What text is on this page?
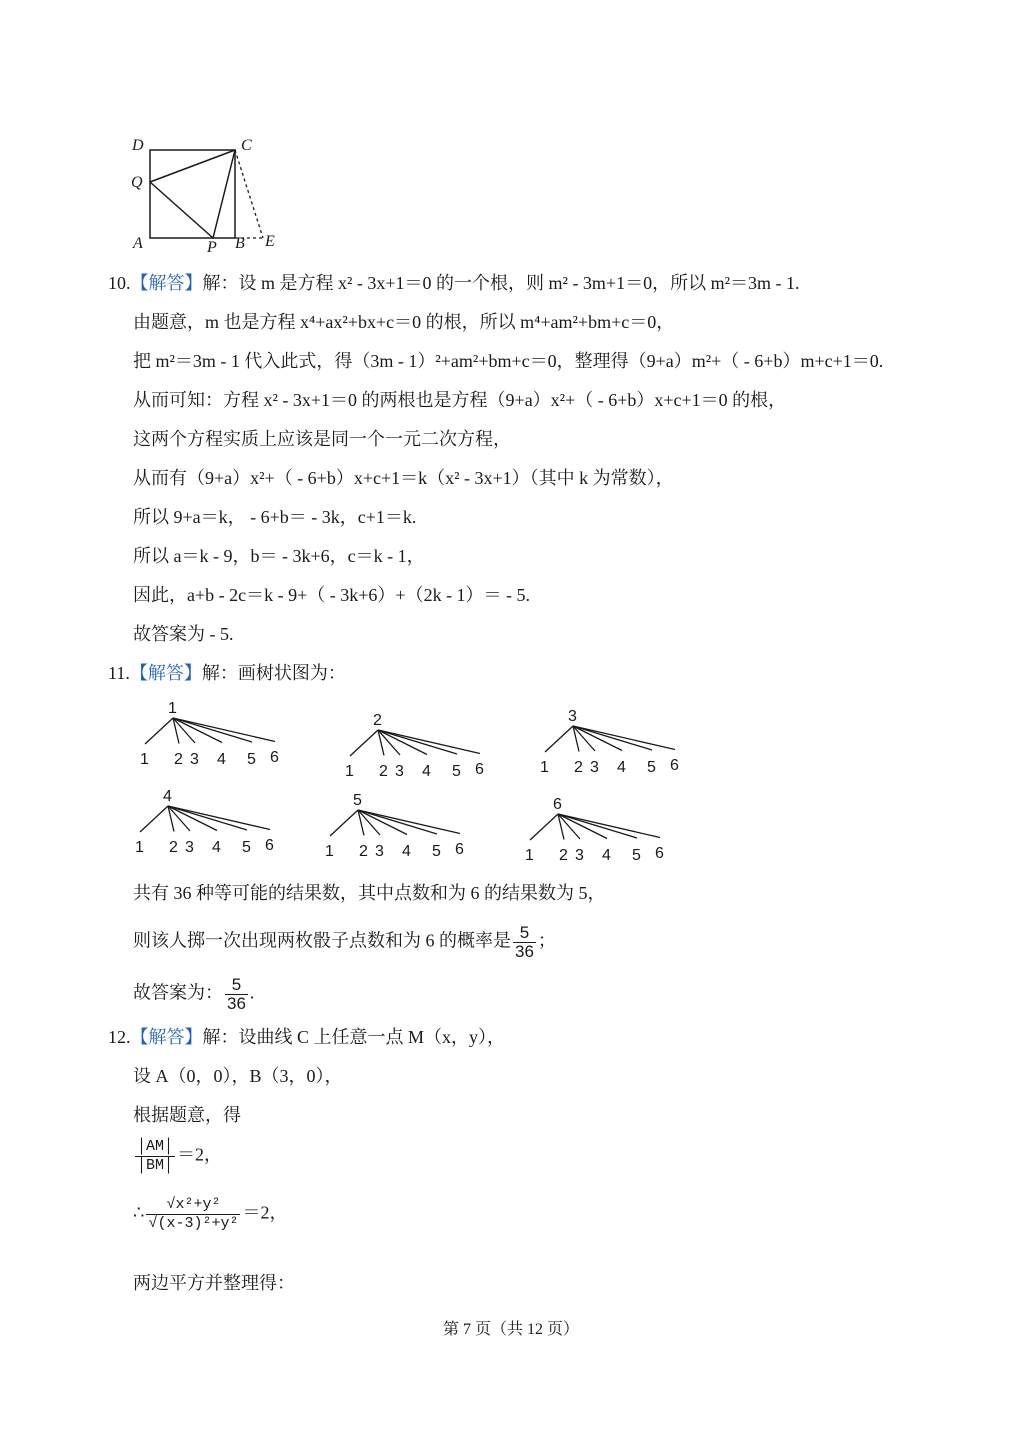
D	C
Q
A	P B E
10.【解答】解：设 m 是方程 x² - 3x+1＝0 的一个根，则 m² - 3m+1＝0，所以 m²＝3m - 1.
由题意，m 也是方程 x⁴+ax²+bx+c＝0 的根，所以 m⁴+am²+bm+c＝0，
把 m²＝3m - 1 代入此式，得（3m - 1）²+am²+bm+c＝0，整理得（9+a）m²+（ - 6+b）m+c+1＝0.
从而可知：方程 x² - 3x+1＝0 的两根也是方程（9+a）x²+（ - 6+b）x+c+1＝0 的根，
这两个方程实质上应该是同一个一元二次方程，
从而有（9+a）x²+（ - 6+b）x+c+1＝k（x² - 3x+1）（其中 k 为常数），
所以 9+a＝k， - 6+b＝ - 3k，c+1＝k.
所以 a＝k - 9，b＝ - 3k+6，c＝k - 1，
因此，a+b - 2c＝k - 9+（ - 3k+6）+（2k - 1）＝ - 5.
故答案为 - 5.
11.【解答】解：画树状图为：
1
1 2 3 4 5 6
2
1 2 3 4 5 6
3
1 2 3 4 5 6
4
1 2 3 4 5 6
5
1 2 3 4 5 6
6
1 2 3 4 5 6
共有 36 种等可能的结果数，其中点数和为 6 的结果数为 5，
则该人掷一次出现两枚骰子点数和为 6 的概率是 $\frac{5}{36}$ ；
故答案为： $\frac{5}{36}$ .
12.【解答】解：设曲线 C 上任意一点 M（x，y），
设 A（0，0），B（3，0），
根据题意，得
$\frac{│AM│}{│BM│} =2$，
∴ $\frac{\text{√x²+y²}}{\text{√(x-3)²+y²}} =2$，
两边平方并整理得：
第 7 页（共 12 页）
